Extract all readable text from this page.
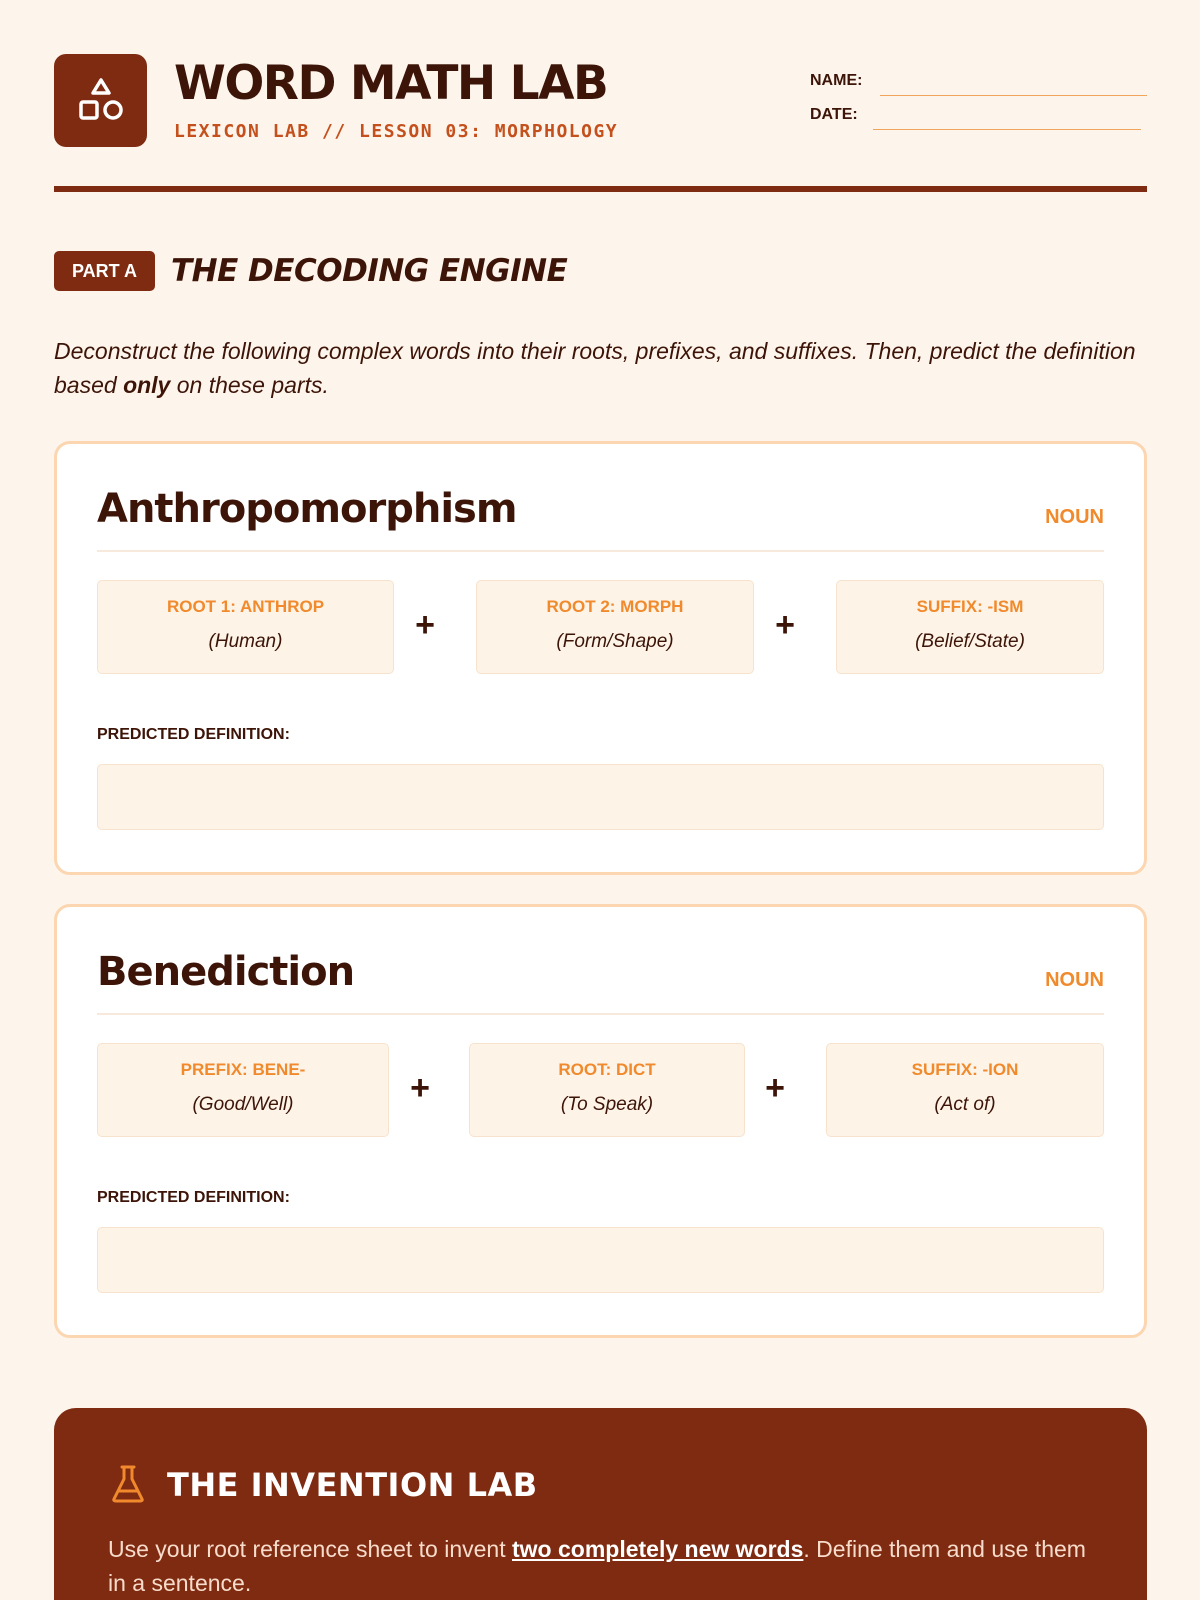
WORD MATH LAB
LEXICON LAB // LESSON 03: MORPHOLOGY
NAME:
DATE:
PART A	THE DECODING ENGINE

Deconstruct the following complex words into their roots, prefixes, and suffixes. Then, predict the definition based only on these parts.

Anthropomorphism	NOUN
ROOT 1: ANTHROP
(Human)	+	ROOT 2: MORPH
(Form/Shape)	+	SUFFIX: -ISM
(Belief/State)
PREDICTED DEFINITION:
Benediction	NOUN
PREFIX: BENE-
(Good/Well)	+	ROOT: DICT
(To Speak)	+	SUFFIX: -ION
(Act of)
PREDICTED DEFINITION:
THE INVENTION LAB

Use your root reference sheet to invent two completely new words. Define them and use them in a sentence.
